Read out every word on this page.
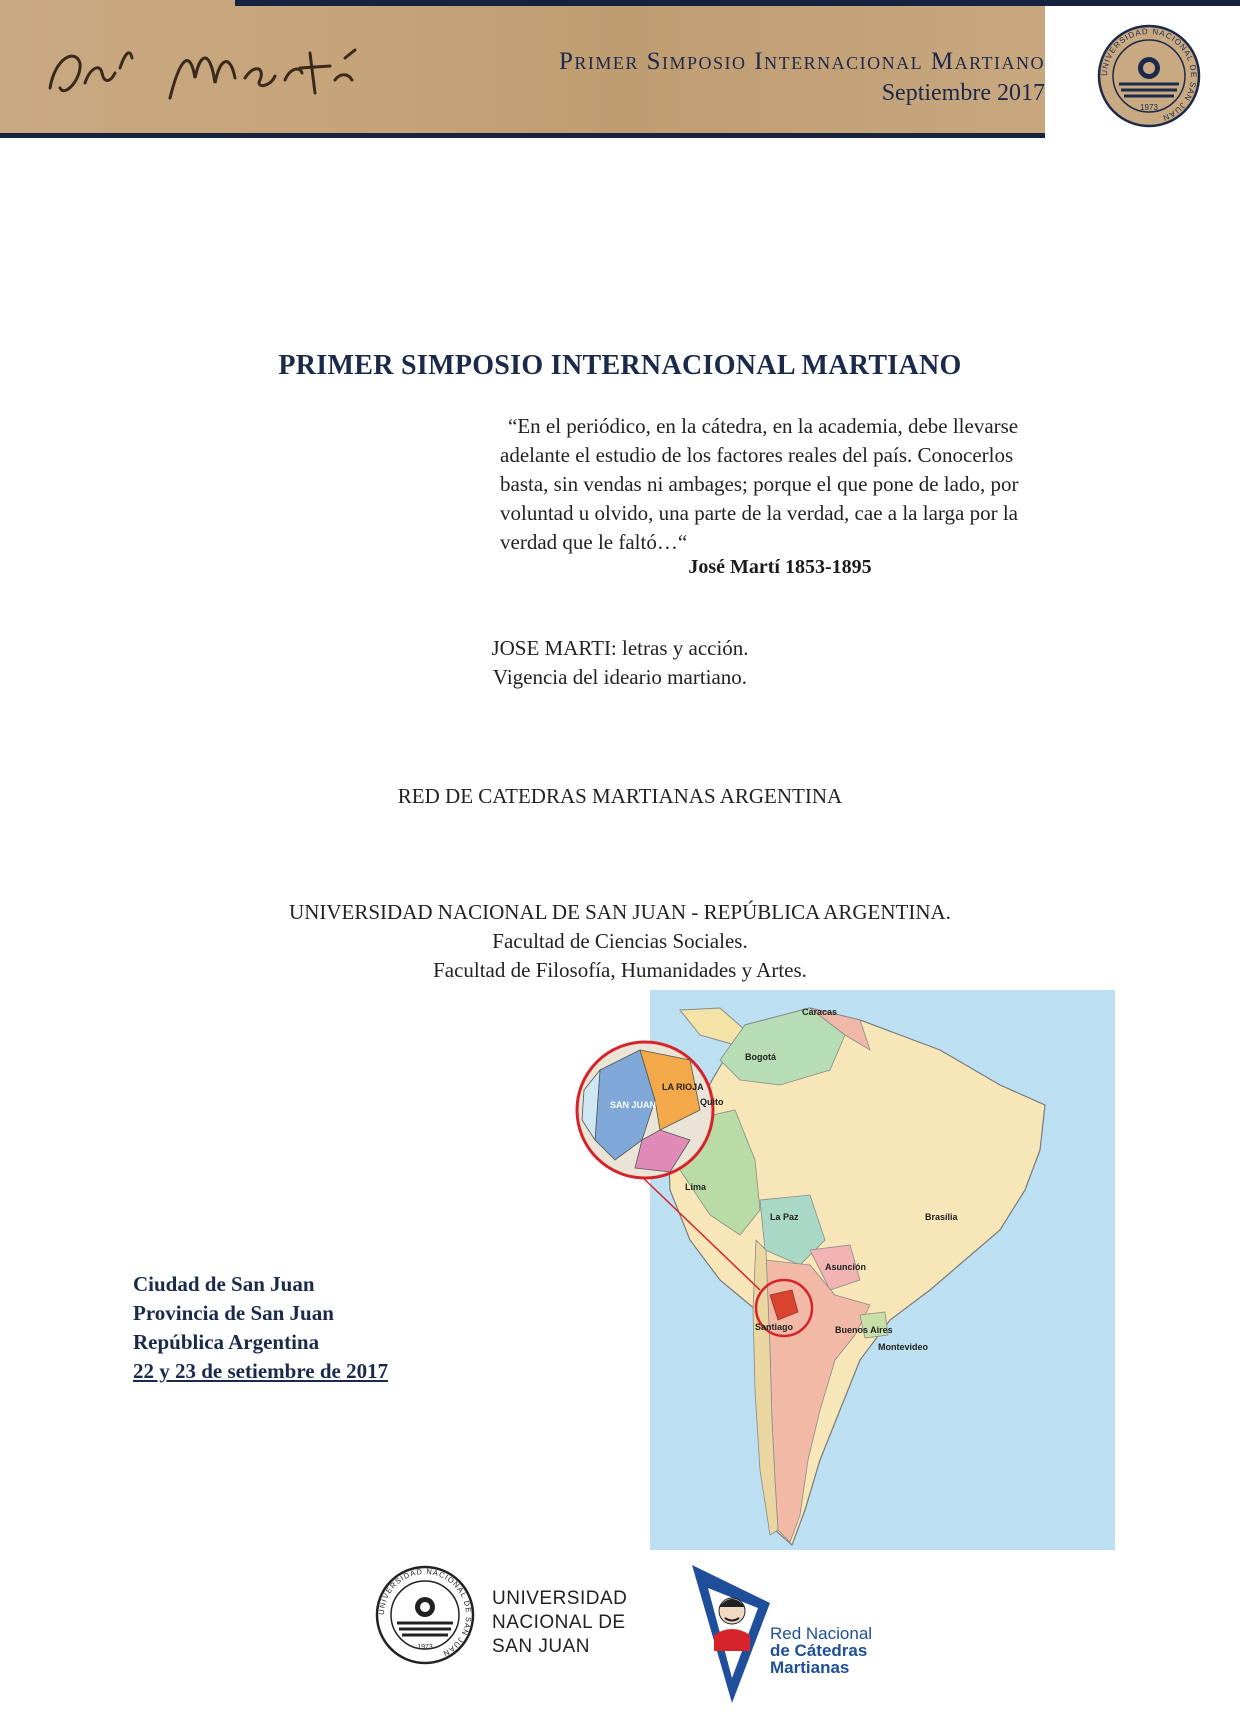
Primer Simposio Internacional Martiano
Septiembre 2017
UNIVERSIDAD NACIONAL DE SAN JUAN
1973
PRIMER SIMPOSIO INTERNACIONAL MARTIANO
“En el periódico, en la cátedra, en la academia, debe llevarse
adelante el estudio de los factores reales del país. Conocerlos
basta, sin vendas ni ambages; porque el que pone de lado, por
voluntad u olvido, una parte de la verdad, cae a la larga por la
verdad que le faltó…“
José Martí 1853-1895
JOSE MARTI: letras y acción.
Vigencia del ideario martiano.
RED DE CATEDRAS MARTIANAS ARGENTINA
UNIVERSIDAD NACIONAL DE SAN JUAN - REPÚBLICA ARGENTINA.
Facultad de Ciencias Sociales.
Facultad de Filosofía, Humanidades y Artes.
Ciudad de San Juan
Provincia de San Juan
República Argentina
22 y 23 de setiembre de 2017
LA RIOJA
SAN JUAN
Caracas
Bogotá
Quito
Lima
La Paz	Brasília
Asunción
Santiago	Buenos Aires
Montevideo
UNIVERSIDAD NACIONAL DE SAN JUAN
1973
UNIVERSIDAD
NACIONAL DE
SAN JUAN
Red Nacional
de Cátedras
Martianas
